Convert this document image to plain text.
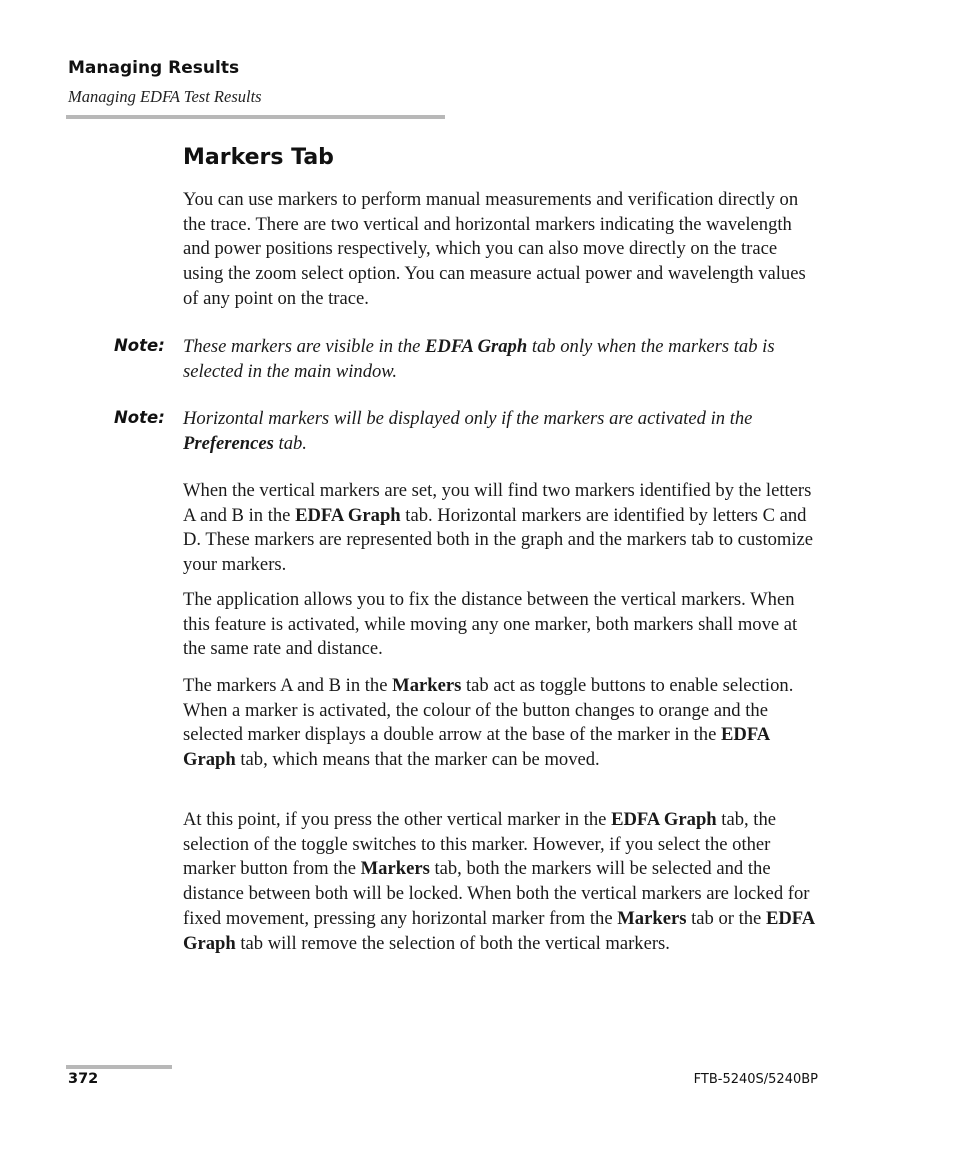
Managing Results

Managing EDFA Test Results

Markers Tab

You can use markers to perform manual measurements and verification directly on the trace. There are two vertical and horizontal markers indicating the wavelength and power positions respectively, which you can also move directly on the trace using the zoom select option. You can measure actual power and wavelength values of any point on the trace.

Note: These markers are visible in the EDFA Graph tab only when the markers tab is selected in the main window.

Note: Horizontal markers will be displayed only if the markers are activated in the Preferences tab.

When the vertical markers are set, you will find two markers identified by the letters A and B in the EDFA Graph tab. Horizontal markers are identified by letters C and D. These markers are represented both in the graph and the markers tab to customize your markers.

The application allows you to fix the distance between the vertical markers. When this feature is activated, while moving any one marker, both markers shall move at the same rate and distance.

The markers A and B in the Markers tab act as toggle buttons to enable selection. When a marker is activated, the colour of the button changes to orange and the selected marker displays a double arrow at the base of the marker in the EDFA Graph tab, which means that the marker can be moved.

At this point, if you press the other vertical marker in the EDFA Graph tab, the selection of the toggle switches to this marker. However, if you select the other marker button from the Markers tab, both the markers will be selected and the distance between both will be locked. When both the vertical markers are locked for fixed movement, pressing any horizontal marker from the Markers tab or the EDFA Graph tab will remove the selection of both the vertical markers.

372	FTB-5240S/5240BP
